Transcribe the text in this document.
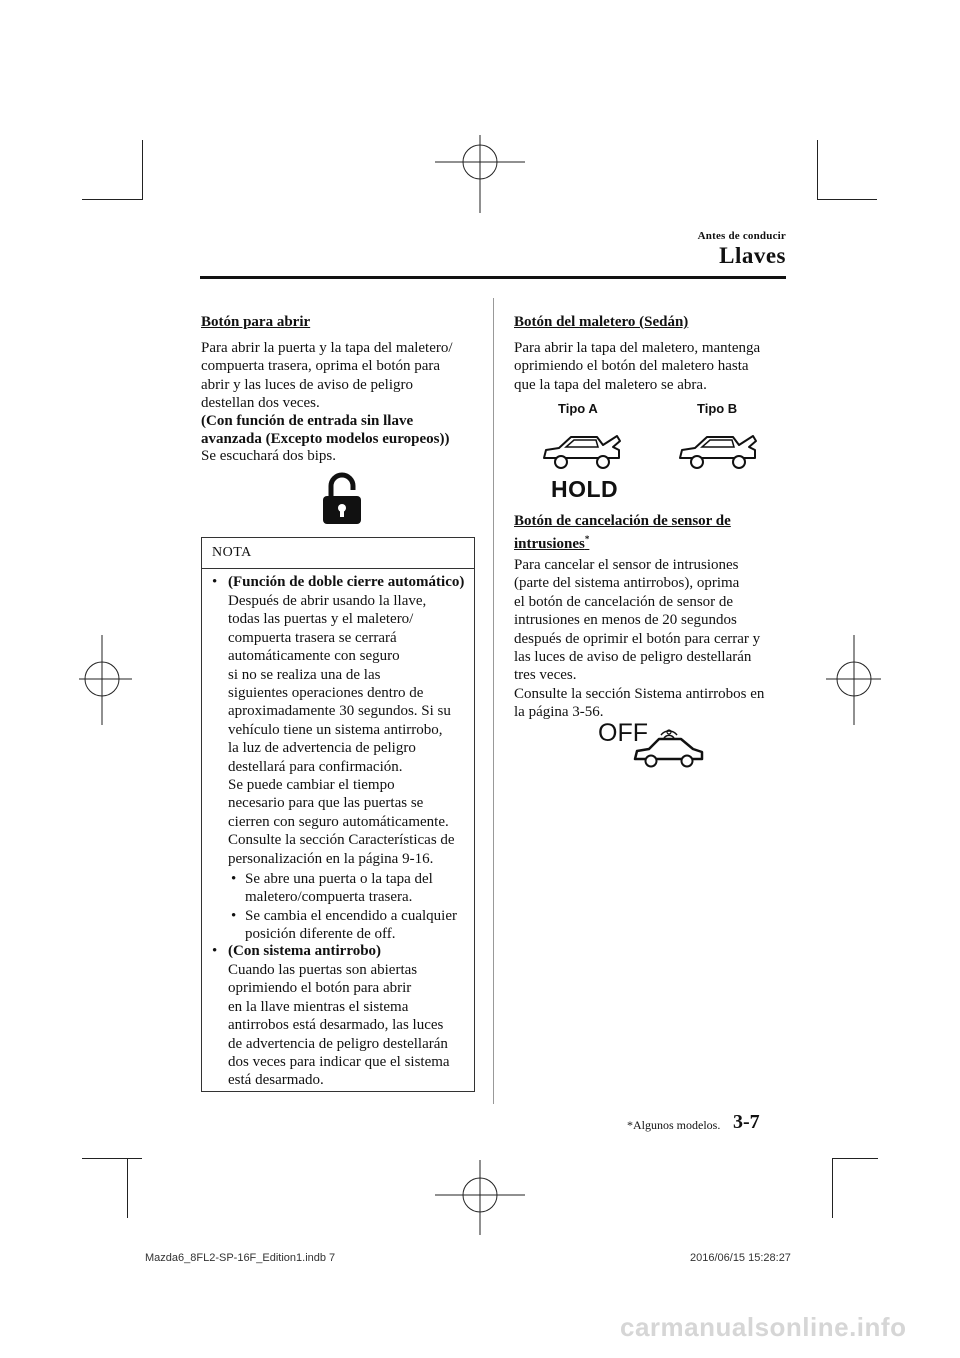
Antes de conducir
Llaves
Botón para abrir
Para abrir la puerta y la tapa del maletero/
compuerta trasera, oprima el botón para
abrir y las luces de aviso de peligro
destellan dos veces.
(Con función de entrada sin llave
avanzada (Excepto modelos europeos))
Se escuchará dos bips.
NOTA
• (Función de doble cierre automático)
Después de abrir usando la llave,
todas las puertas y el maletero/
compuerta trasera se cerrará
automáticamente con seguro
si no se realiza una de las
siguientes operaciones dentro de
aproximadamente 30 segundos. Si su
vehículo tiene un sistema antirrobo,
la luz de advertencia de peligro
destellará para confirmación.
Se puede cambiar el tiempo
necesario para que las puertas se
cierren con seguro automáticamente.
Consulte la sección Características de
personalización en la página 9-16.
• Se abre una puerta o la tapa del
maletero/compuerta trasera.
• Se cambia el encendido a cualquier
posición diferente de off.
• (Con sistema antirrobo)
Cuando las puertas son abiertas
oprimiendo el botón para abrir
en la llave mientras el sistema
antirrobos está desarmado, las luces
de advertencia de peligro destellarán
dos veces para indicar que el sistema
está desarmado.
Botón del maletero (Sedán)
Para abrir la tapa del maletero, mantenga
oprimiendo el botón del maletero hasta
que la tapa del maletero se abra.
Tipo A	Tipo B
HOLD
Botón de cancelación de sensor de
intrusiones*
Para cancelar el sensor de intrusiones
(parte del sistema antirrobos), oprima
el botón de cancelación de sensor de
intrusiones en menos de 20 segundos
después de oprimir el botón para cerrar y
las luces de aviso de peligro destellarán
tres veces.
Consulte la sección Sistema antirrobos en
la página 3-56.
OFF
*Algunos modelos. 3-7
Mazda6_8FL2-SP-16F_Edition1.indb 7	2016/06/15 15:28:27
carmanualsonline.info
